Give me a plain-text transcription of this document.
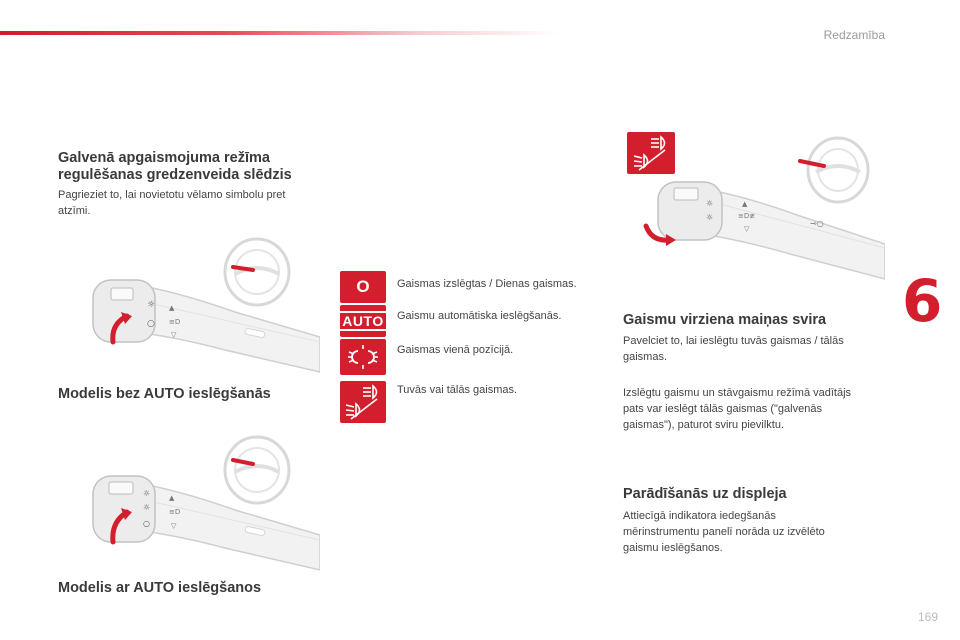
Redzamība
6
Galvenā apgaismojuma režīma
regulēšanas gredzenveida slēdzis

Pagrieziet to, lai novietotu vēlamo simbolu pret

atzīmi.

☼
○
▲
≡D
▽
Modelis bez AUTO ieslēgšanās
☼
☼
○
▲
≡D
▽
Modelis ar AUTO ieslēgšanos
O Gaismas izslēgtas / Dienas gaismas.
AUTO	Gaismu automātiska ieslēgšanās.
Gaismas vienā pozīcijā.
Tuvās vai tālās gaismas.
⊸○
☼
☼
▲
≡D≢
▽
Gaismu virziena maiņas svira

Pavelciet to, lai ieslēgtu tuvās gaismas / tālās

gaismas.

Izslēgtu gaismu un stāvgaismu režīmā vadītājs

pats var ieslēgt tālās gaismas ("galvenās

gaismas"), paturot sviru pievilktu.

Parādīšanās uz displeja

Attiecīgā indikatora iedegšanās

mērinstrumentu panelī norāda uz izvēlēto

gaismu ieslēgšanos.

169
